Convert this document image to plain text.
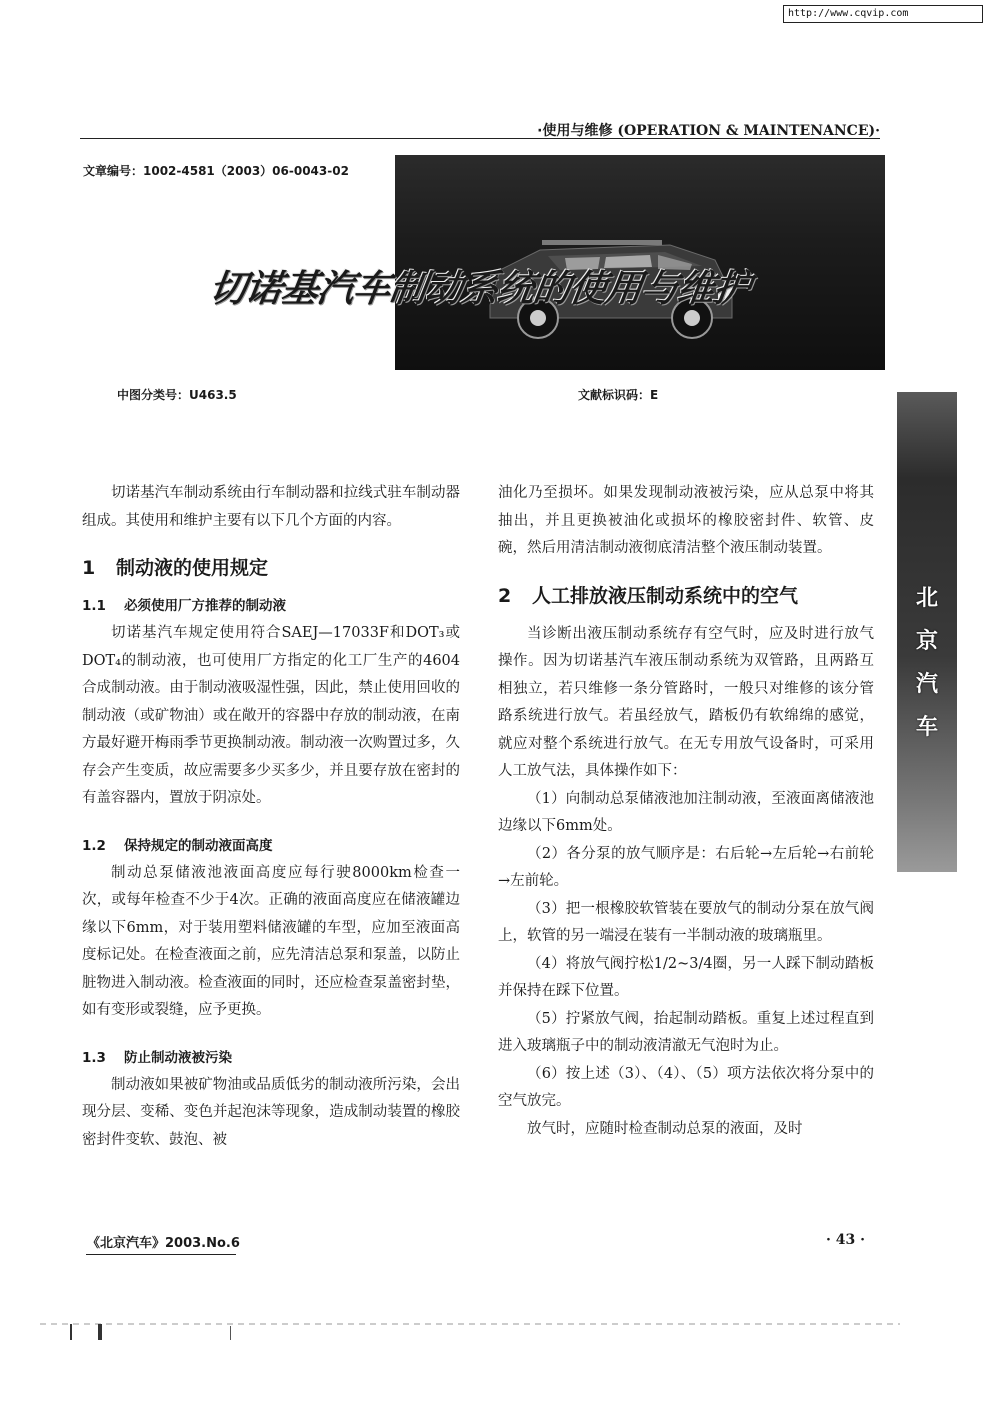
http://www.cqvip.com
·使用与维修 (OPERATION & MAINTENANCE)·
文章编号：1002-4581（2003）06-0043-02
切诺基汽车制动系统的使用与维护
中图分类号：U463.5	文献标识码：E
北
京
汽
车

切诺基汽车制动系统由行车制动器和拉线式驻车制动器组成。其使用和维护主要有以下几个方面的内容。

1 制动液的使用规定
1.1 必须使用厂方推荐的制动液

切诺基汽车规定使用符合SAEJ—17033F和DOT₃或DOT₄的制动液，也可使用厂方指定的化工厂生产的4604合成制动液。由于制动液吸湿性强，因此，禁止使用回收的制动液（或矿物油）或在敞开的容器中存放的制动液，在南方最好避开梅雨季节更换制动液。制动液一次购置过多，久存会产生变质，故应需要多少买多少，并且要存放在密封的有盖容器内，置放于阴凉处。

1.2 保持规定的制动液面高度

制动总泵储液池液面高度应每行驶8000km检查一次，或每年检查不少于4次。正确的液面高度应在储液罐边缘以下6mm，对于装用塑料储液罐的车型，应加至液面高度标记处。在检查液面之前，应先清洁总泵和泵盖，以防止脏物进入制动液。检查液面的同时，还应检查泵盖密封垫，如有变形或裂缝，应予更换。

1.3 防止制动液被污染

制动液如果被矿物油或品质低劣的制动液所污染，会出现分层、变稀、变色并起泡沫等现象，造成制动装置的橡胶密封件变软、鼓泡、被

油化乃至损坏。如果发现制动液被污染，应从总泵中将其抽出，并且更换被油化或损坏的橡胶密封件、软管、皮碗，然后用清洁制动液彻底清洁整个液压制动装置。

2 人工排放液压制动系统中的空气

当诊断出液压制动系统存有空气时，应及时进行放气操作。因为切诺基汽车液压制动系统为双管路，且两路互相独立，若只维修一条分管路时，一般只对维修的该分管路系统进行放气。若虽经放气，踏板仍有软绵绵的感觉，就应对整个系统进行放气。在无专用放气设备时，可采用人工放气法，具体操作如下：

（1）向制动总泵储液池加注制动液，至液面离储液池边缘以下6mm处。

（2）各分泵的放气顺序是：右后轮→左后轮→右前轮→左前轮。

（3）把一根橡胶软管装在要放气的制动分泵在放气阀上，软管的另一端浸在装有一半制动液的玻璃瓶里。

（4）将放气阀拧松1/2~3/4圈，另一人踩下制动踏板并保持在踩下位置。

（5）拧紧放气阀，抬起制动踏板。重复上述过程直到进入玻璃瓶子中的制动液清澈无气泡时为止。

（6）按上述（3）、（4）、（5）项方法依次将分泵中的空气放完。

放气时，应随时检查制动总泵的液面，及时

《北京汽车》2003.No.6	· 43 ·
